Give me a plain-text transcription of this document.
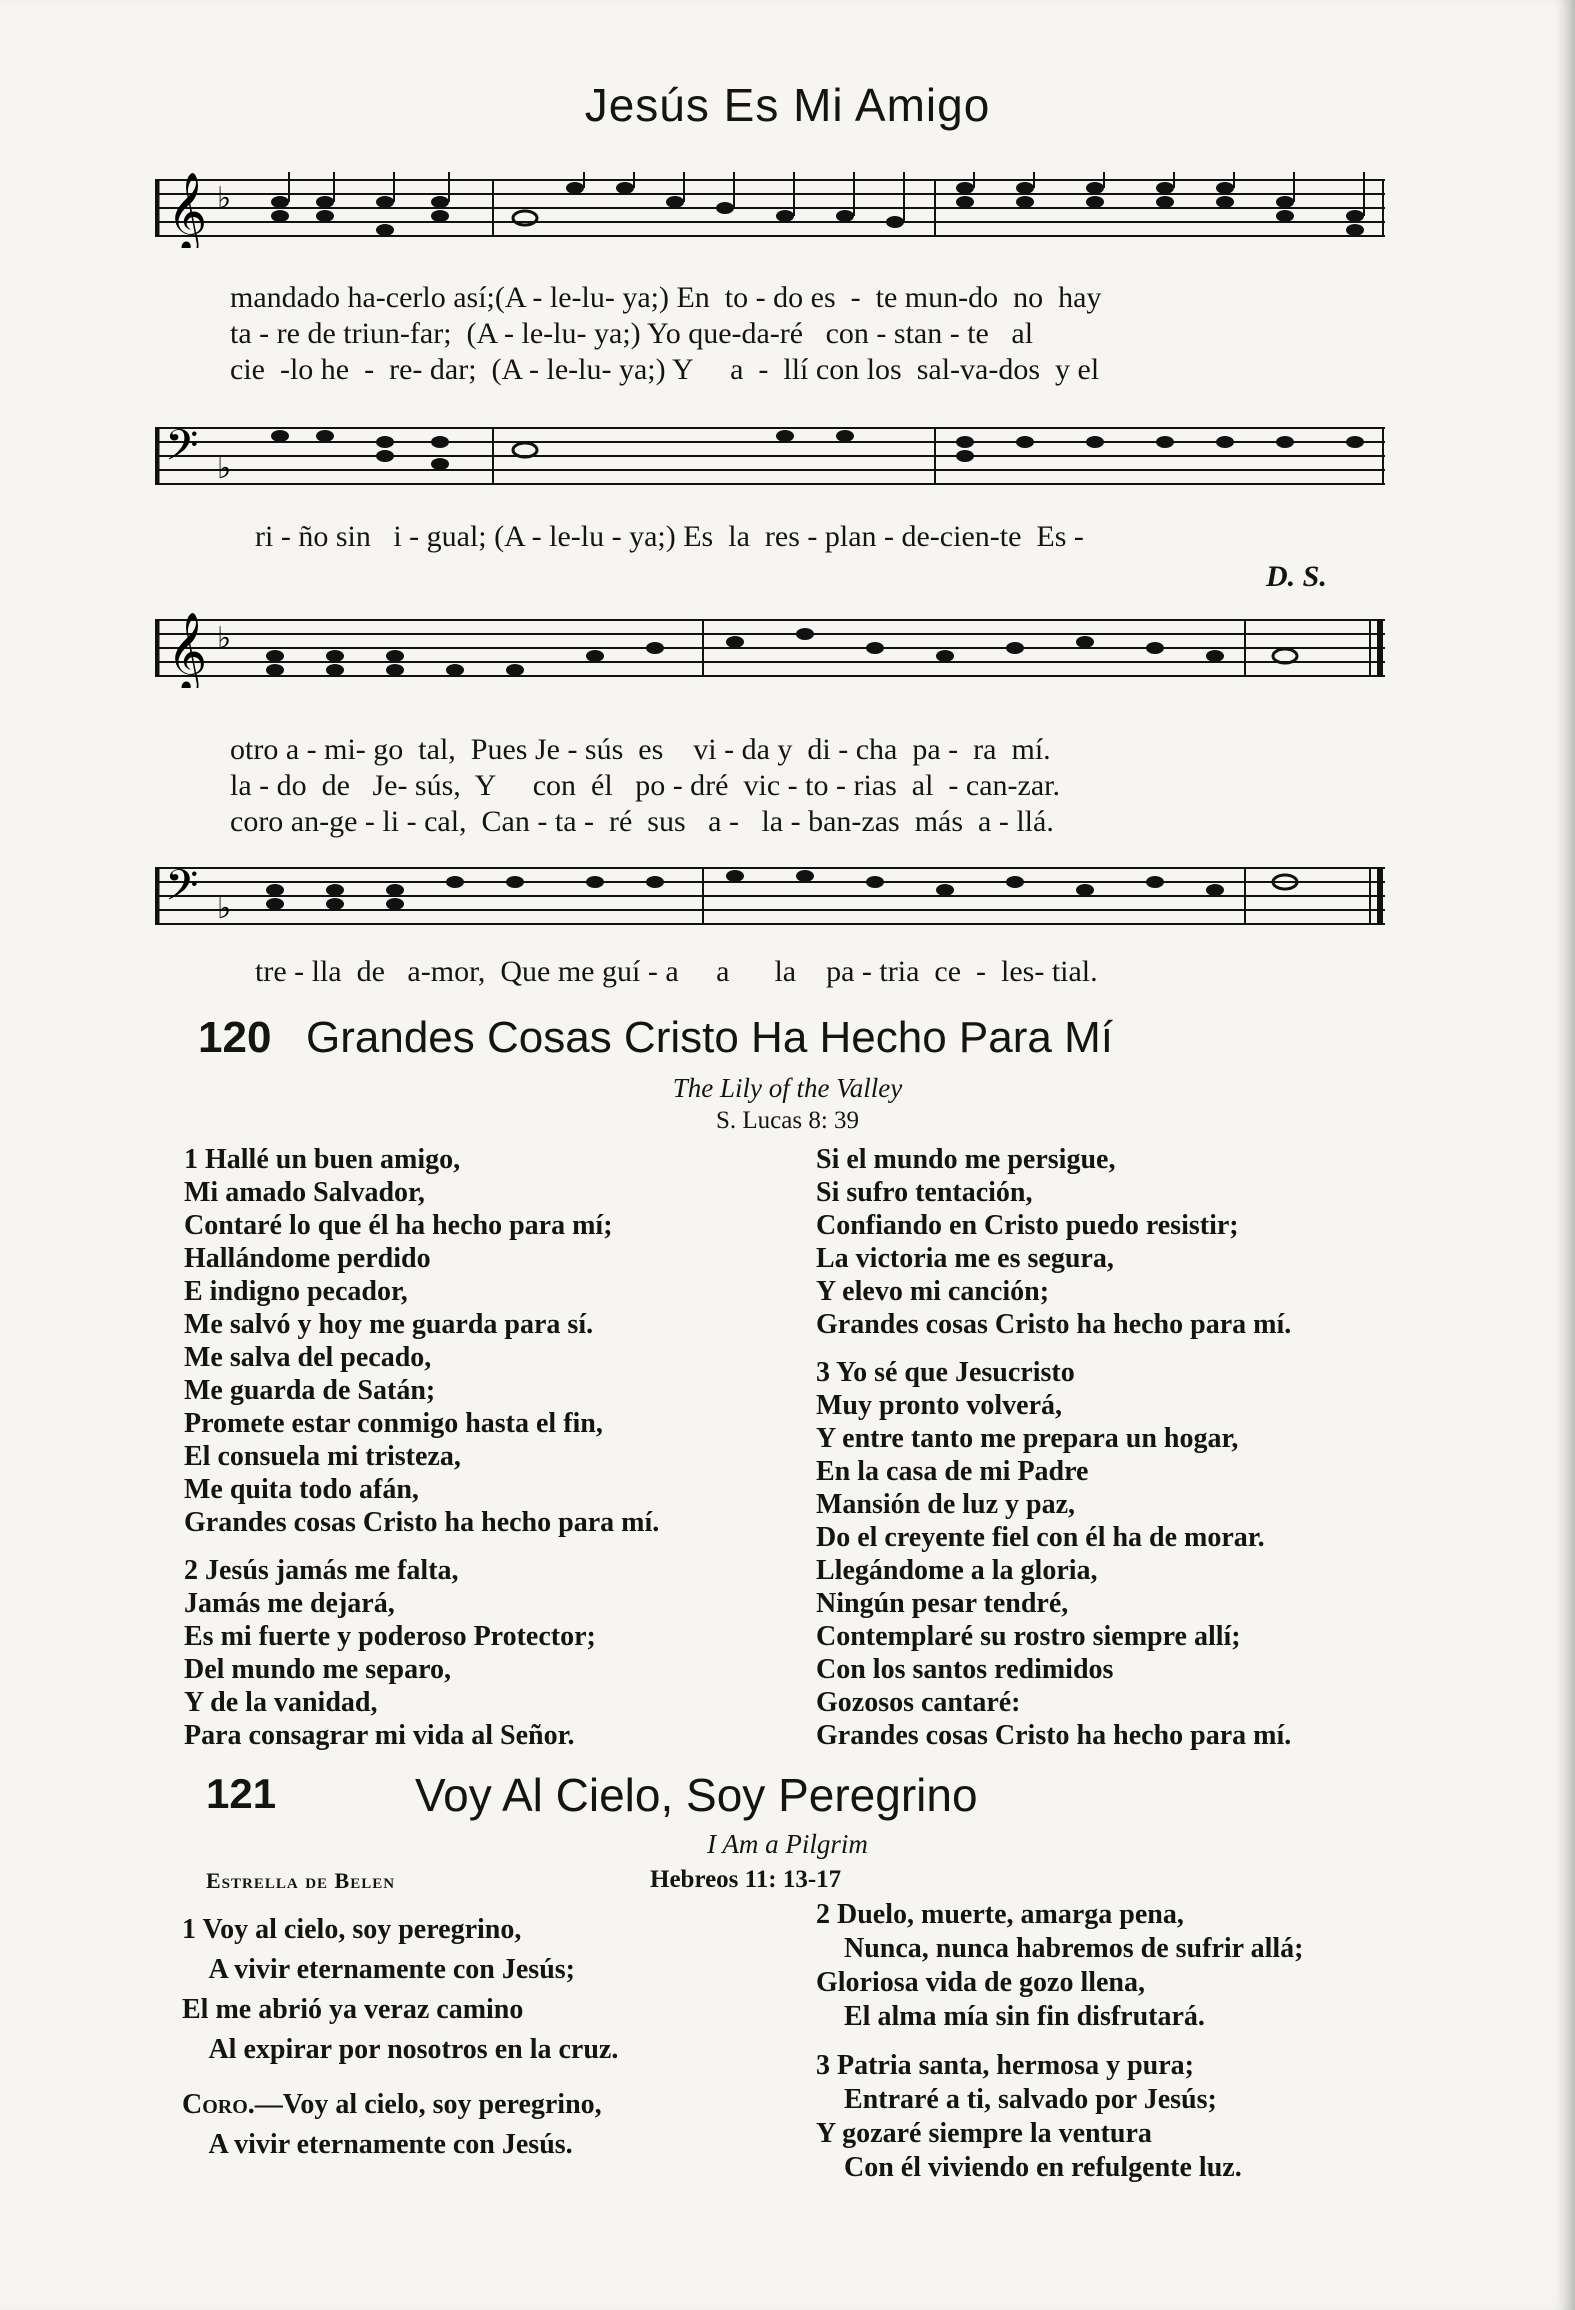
Jesús Es Mi Amigo
𝄞 ♭
mandado ha-cerlo así;(A - le-lu- ya;) En  to - do es  -  te mun-do  no  hay
ta - re de triun-far;  (A - le-lu- ya;) Yo que-da-ré   con - stan - te   al
cie  -lo he  -  re- dar;  (A - le-lu- ya;) Y     a  -  llí con los  sal-va-dos  y el
𝄢 ♭
ri - ño sin   i - gual; (A - le-lu - ya;) Es  la  res - plan - de-cien-te  Es -
D. S.
𝄞 ♭
otro a - mi- go  tal,  Pues Je - sús  es    vi - da y  di - cha  pa -  ra  mí.
la - do  de   Je- sús,  Y     con  él   po - dré  vic - to - rias  al  - can-zar.
coro an-ge - li - cal,  Can - ta -  ré  sus   a -   la - ban-zas  más  a - llá.
𝄢 ♭
tre - lla  de   a-mor,  Que me guí - a     a      la    pa - tria  ce  -  les- tial.
120 Grandes Cosas Cristo Ha Hecho Para Mí
The Lily of the Valley
S. Lucas 8: 39
1 Hallé un buen amigo,
Mi amado Salvador,
Contaré lo que él ha hecho para mí;
Hallándome perdido
E indigno pecador,
Me salvó y hoy me guarda para sí.
Me salva del pecado,
Me guarda de Satán;
Promete estar conmigo hasta el fin,
El consuela mi tristeza,
Me quita todo afán,
Grandes cosas Cristo ha hecho para mí.
2 Jesús jamás me falta,
Jamás me dejará,
Es mi fuerte y poderoso Protector;
Del mundo me separo,
Y de la vanidad,
Para consagrar mi vida al Señor.
Si el mundo me persigue,
Si sufro tentación,
Confiando en Cristo puedo resistir;
La victoria me es segura,
Y elevo mi canción;
Grandes cosas Cristo ha hecho para mí.
3 Yo sé que Jesucristo
Muy pronto volverá,
Y entre tanto me prepara un hogar,
En la casa de mi Padre
Mansión de luz y paz,
Do el creyente fiel con él ha de morar.
Llegándome a la gloria,
Ningún pesar tendré,
Contemplaré su rostro siempre allí;
Con los santos redimidos
Gozosos cantaré:
Grandes cosas Cristo ha hecho para mí.
121	Voy Al Cielo, Soy Peregrino
I Am a Pilgrim
Estrella de Belen	Hebreos 11: 13-17
1 Voy al cielo, soy peregrino,
A vivir eternamente con Jesús;
El me abrió ya veraz camino
Al expirar por nosotros en la cruz.
Coro.—Voy al cielo, soy peregrino,
A vivir eternamente con Jesús.
2 Duelo, muerte, amarga pena,
Nunca, nunca habremos de sufrir allá;
Gloriosa vida de gozo llena,
El alma mía sin fin disfrutará.
3 Patria santa, hermosa y pura;
Entraré a ti, salvado por Jesús;
Y gozaré siempre la ventura
Con él viviendo en refulgente luz.
